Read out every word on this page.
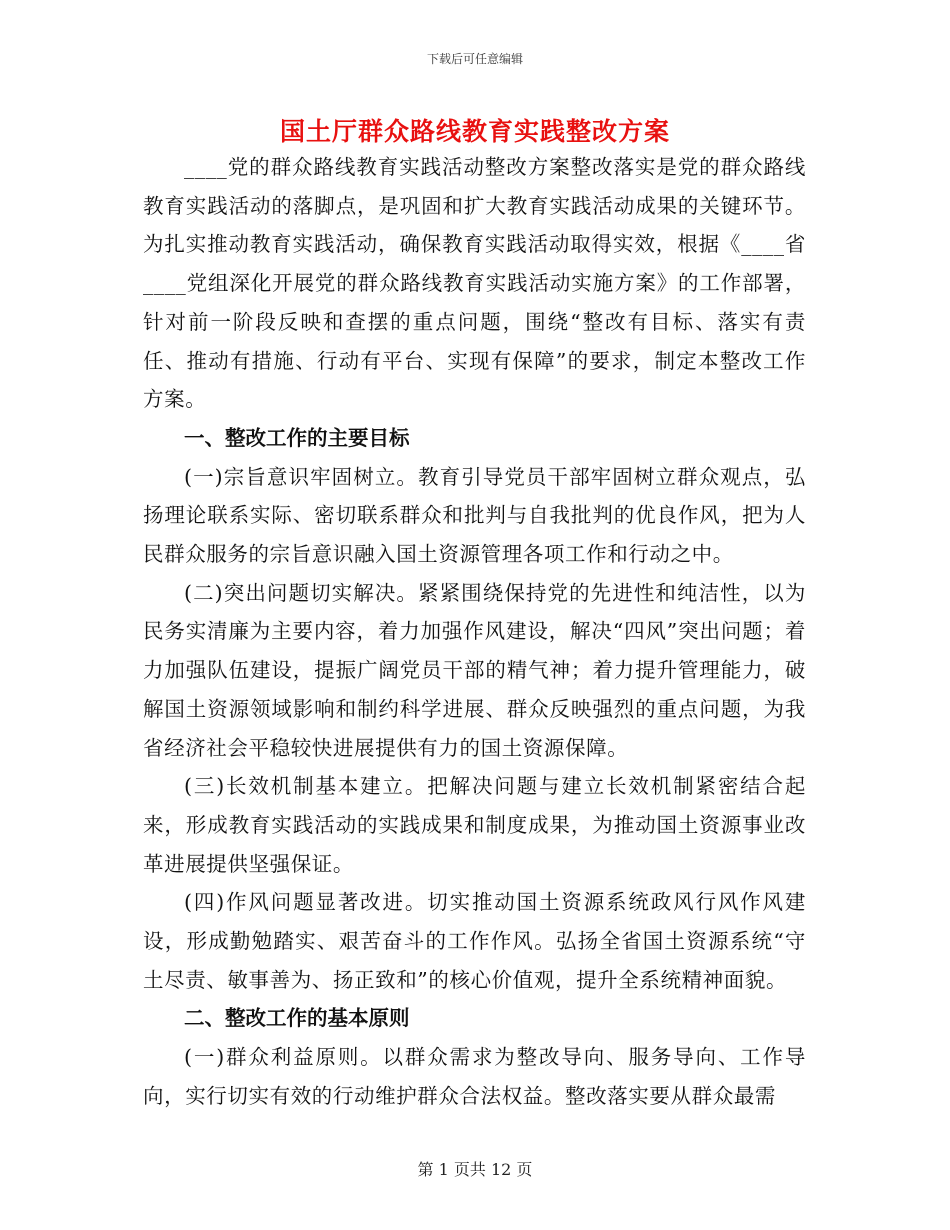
下载后可任意编辑
国土厅群众路线教育实践整改方案

____党的群众路线教育实践活动整改方案整改落实是党的群众路线教育实践活动的落脚点，是巩固和扩大教育实践活动成果的关键环节。为扎实推动教育实践活动，确保教育实践活动取得实效，根据《____省____党组深化开展党的群众路线教育实践活动实施方案》的工作部署，针对前一阶段反映和查摆的重点问题，围绕“整改有目标、落实有责任、推动有措施、行动有平台、实现有保障”的要求，制定本整改工作方案。

一、整改工作的主要目标

(一)宗旨意识牢固树立。教育引导党员干部牢固树立群众观点，弘扬理论联系实际、密切联系群众和批判与自我批判的优良作风，把为人民群众服务的宗旨意识融入国土资源管理各项工作和行动之中。

(二)突出问题切实解决。紧紧围绕保持党的先进性和纯洁性，以为民务实清廉为主要内容，着力加强作风建设，解决“四风”突出问题；着力加强队伍建设，提振广阔党员干部的精气神；着力提升管理能力，破解国土资源领域影响和制约科学进展、群众反映强烈的重点问题，为我省经济社会平稳较快进展提供有力的国土资源保障。

(三)长效机制基本建立。把解决问题与建立长效机制紧密结合起来，形成教育实践活动的实践成果和制度成果，为推动国土资源事业改革进展提供坚强保证。

(四)作风问题显著改进。切实推动国土资源系统政风行风作风建设，形成勤勉踏实、艰苦奋斗的工作作风。弘扬全省国土资源系统“守土尽责、敏事善为、扬正致和”的核心价值观，提升全系统精神面貌。

二、整改工作的基本原则

(一)群众利益原则。以群众需求为整改导向、服务导向、工作导向，实行切实有效的行动维护群众合法权益。整改落实要从群众最需

第 1 页共 12 页
